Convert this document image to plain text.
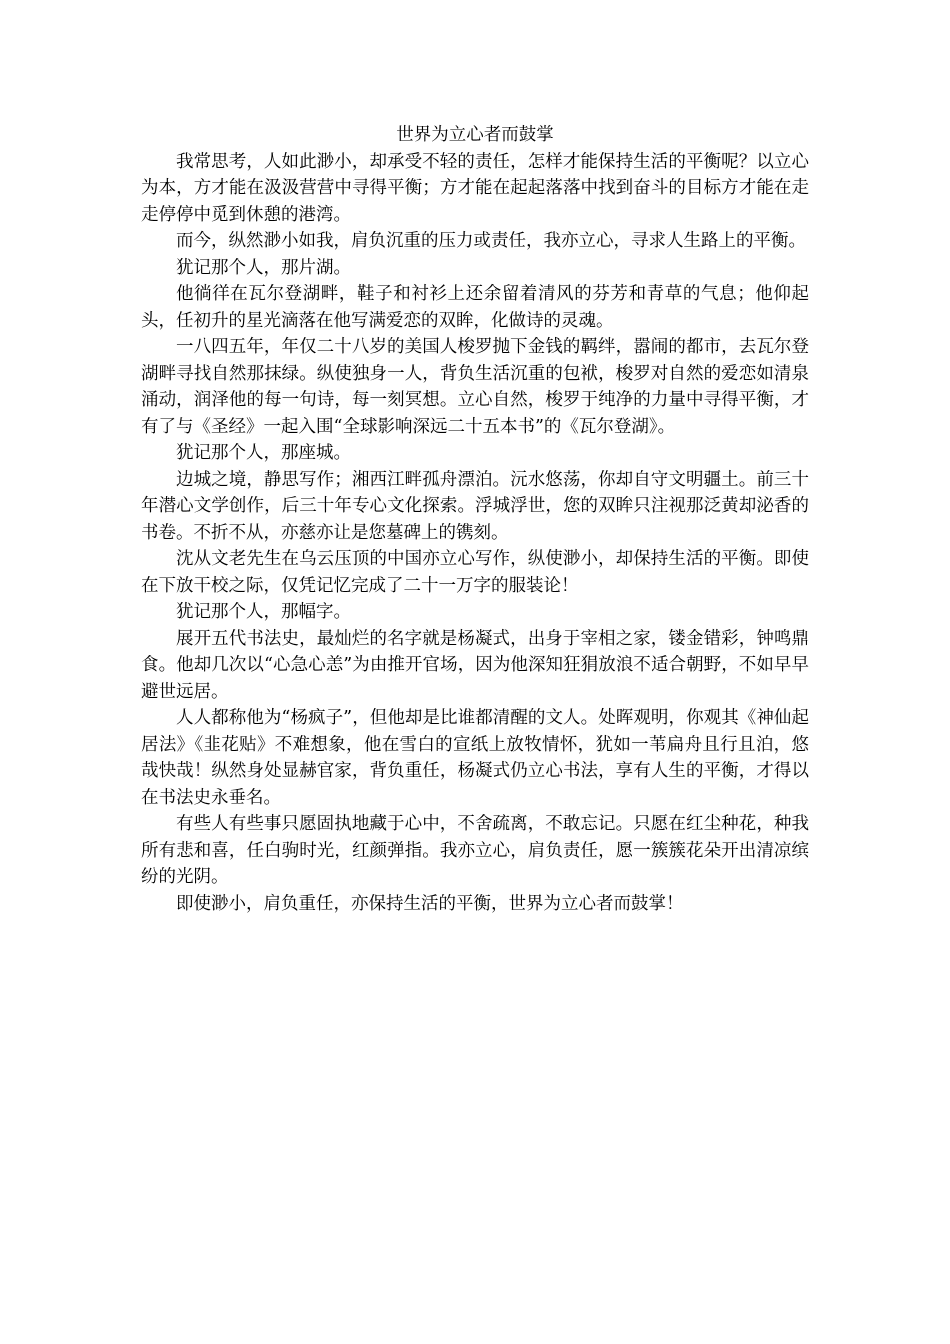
世界为立心者而鼓掌

我常思考，人如此渺小，却承受不轻的责任，怎样才能保持生活的平衡呢？以立心为本，方才能在汲汲营营中寻得平衡；方才能在起起落落中找到奋斗的目标方才能在走走停停中觅到休憩的港湾。

而今，纵然渺小如我，肩负沉重的压力或责任，我亦立心，寻求人生路上的平衡。

犹记那个人，那片湖。

他徜徉在瓦尔登湖畔，鞋子和衬衫上还余留着清风的芬芳和青草的气息；他仰起头，任初升的星光滴落在他写满爱恋的双眸，化做诗的灵魂。

一八四五年，年仅二十八岁的美国人梭罗抛下金钱的羁绊，嚣闹的都市，去瓦尔登湖畔寻找自然那抹绿。纵使独身一人，背负生活沉重的包袱，梭罗对自然的爱恋如清泉涌动，润泽他的每一句诗，每一刻冥想。立心自然，梭罗于纯净的力量中寻得平衡，才有了与《圣经》一起入围“全球影响深远二十五本书”的《瓦尔登湖》。

犹记那个人，那座城。

边城之境，静思写作；湘西江畔孤舟漂泊。沅水悠荡，你却自守文明疆土。前三十年潜心文学创作，后三十年专心文化探索。浮城浮世，您的双眸只注视那泛黄却泌香的书卷。不折不从，亦慈亦让是您墓碑上的镌刻。

沈从文老先生在乌云压顶的中国亦立心写作，纵使渺小，却保持生活的平衡。即使在下放干校之际，仅凭记忆完成了二十一万字的服装论！

犹记那个人，那幅字。

展开五代书法史，最灿烂的名字就是杨凝式，出身于宰相之家，镂金错彩，钟鸣鼎食。他却几次以“心急心恙”为由推开官场，因为他深知狂狷放浪不适合朝野，不如早早避世远居。

人人都称他为“杨疯子”，但他却是比谁都清醒的文人。处晖观明，你观其《神仙起居法》《韭花贴》不难想象，他在雪白的宣纸上放牧情怀，犹如一苇扁舟且行且泊，悠哉快哉！纵然身处显赫官家，背负重任，杨凝式仍立心书法，享有人生的平衡，才得以在书法史永垂名。

有些人有些事只愿固执地藏于心中，不舍疏离，不敢忘记。只愿在红尘种花，种我所有悲和喜，任白驹时光，红颜弹指。我亦立心，肩负责任，愿一簇簇花朵开出清凉缤纷的光阴。

即使渺小，肩负重任，亦保持生活的平衡，世界为立心者而鼓掌！
